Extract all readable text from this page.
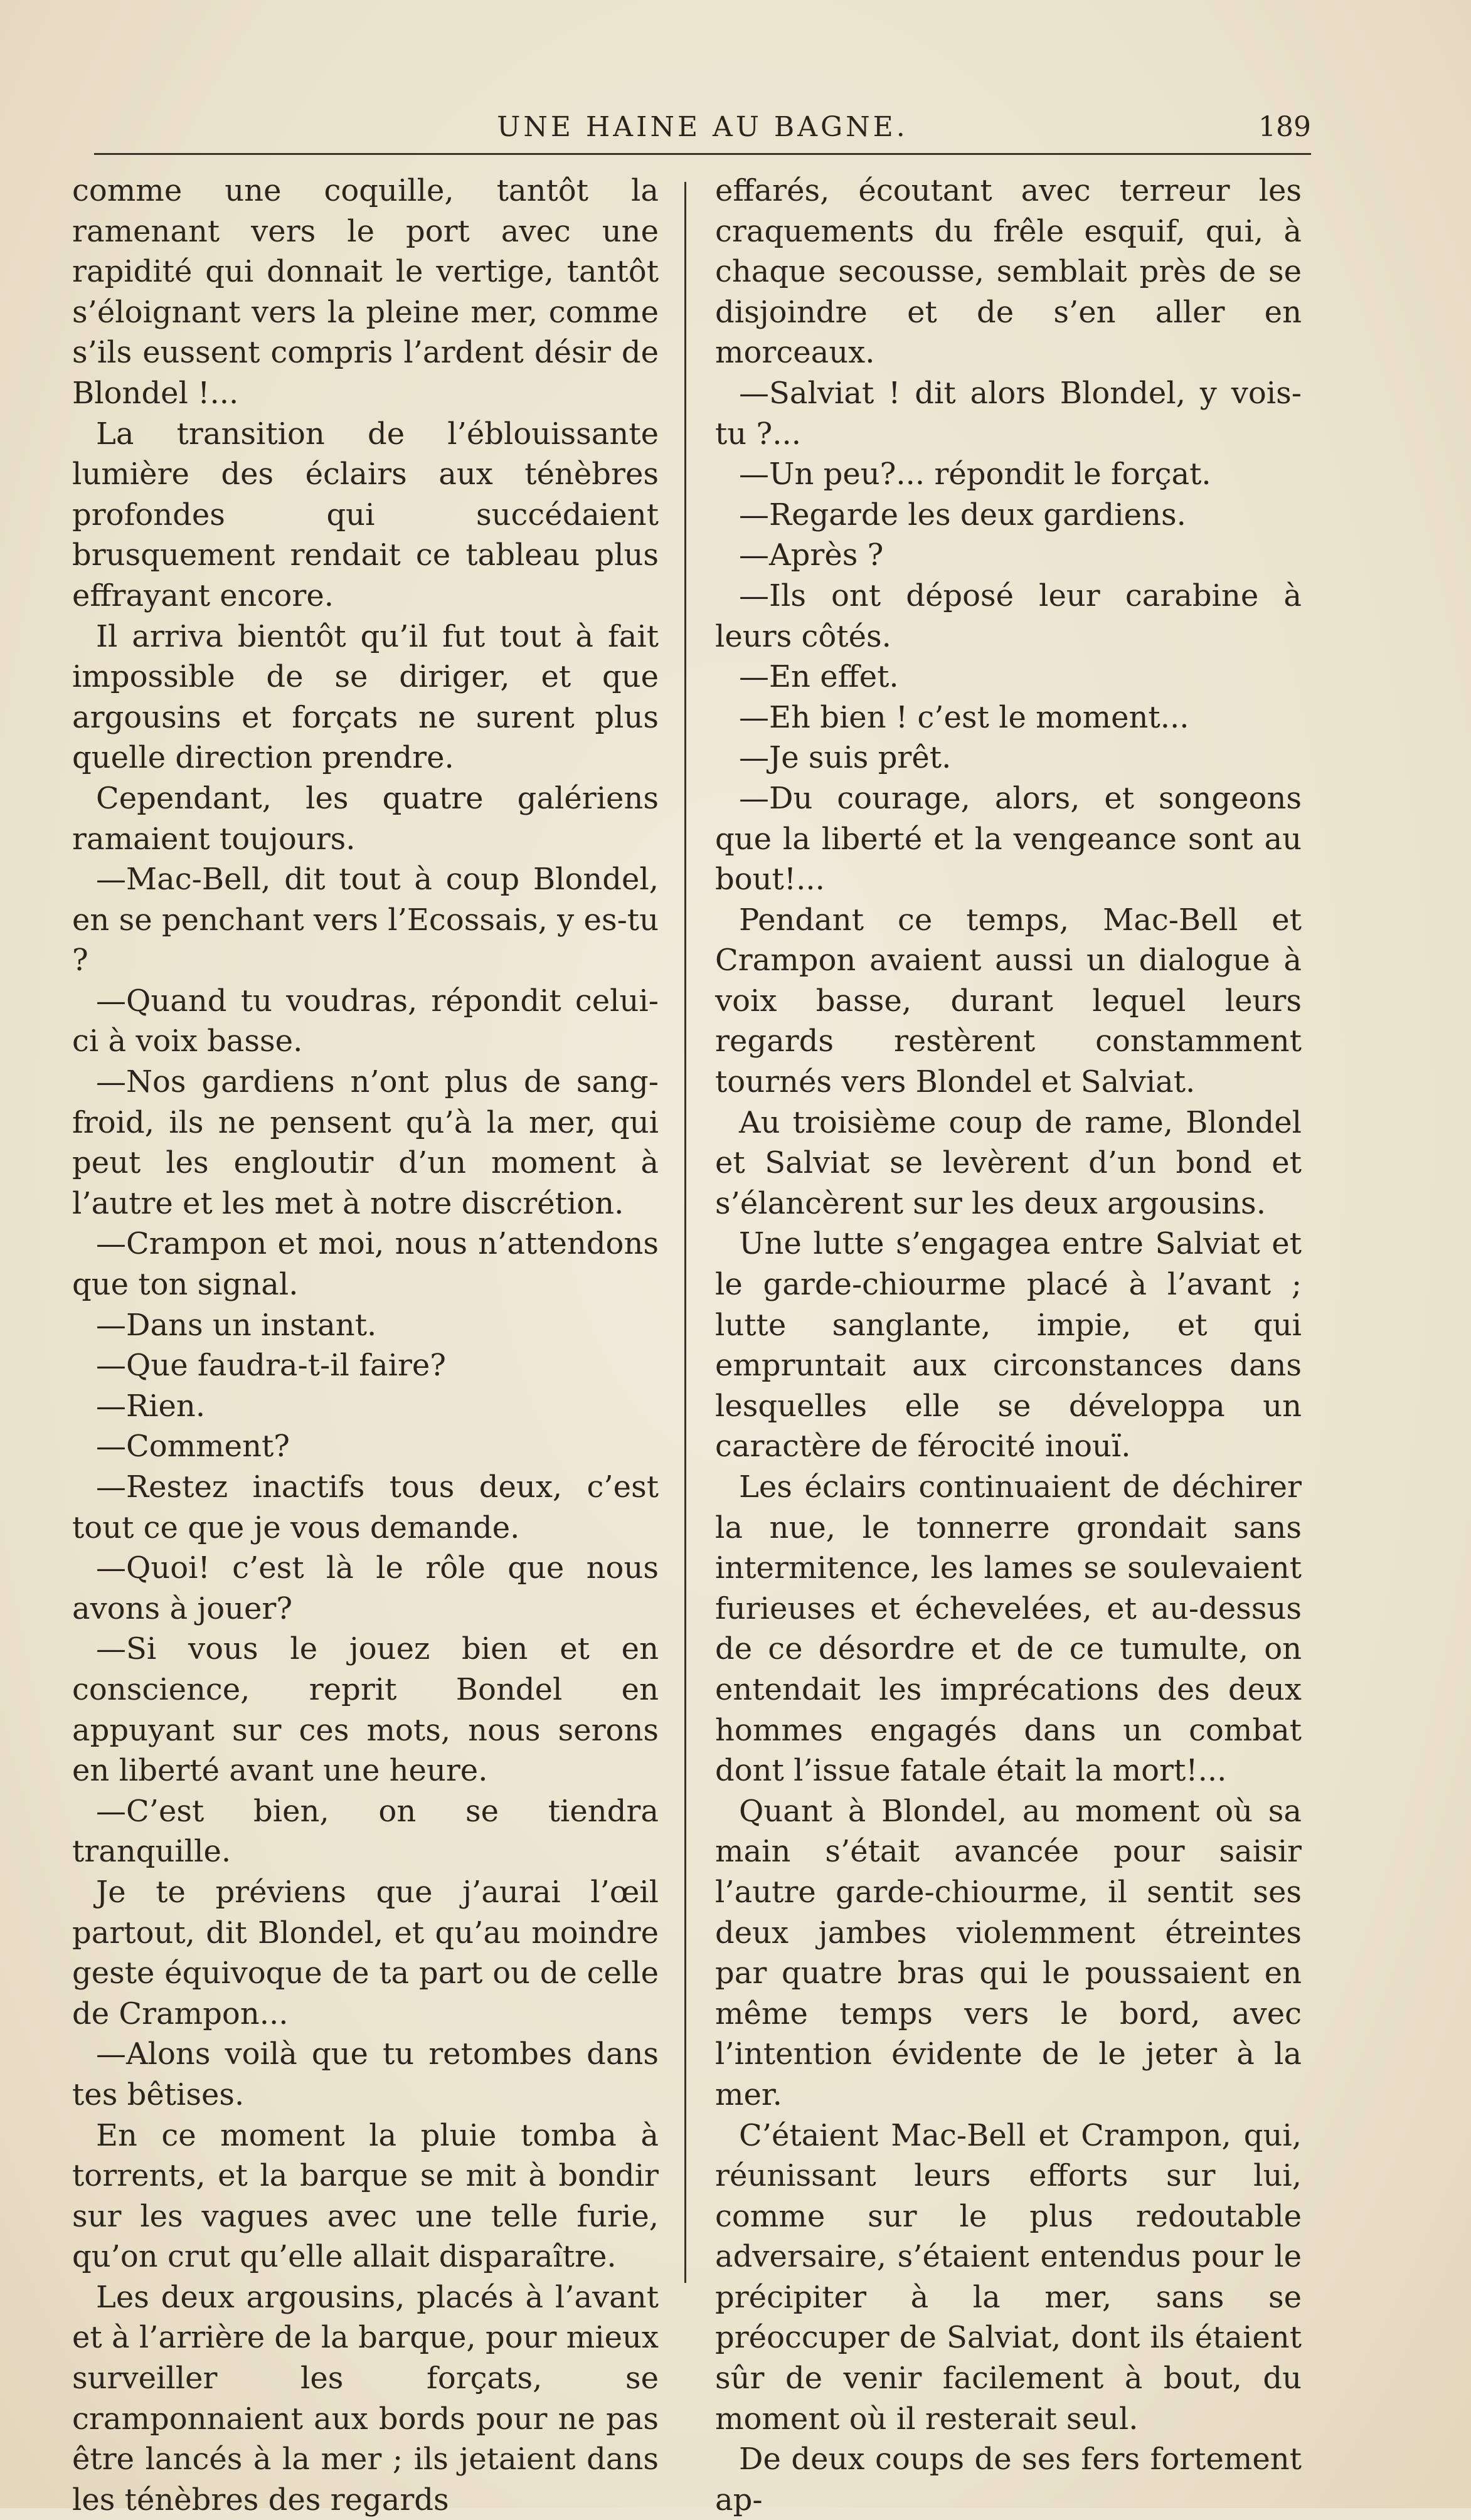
UNE HAINE AU BAGNE.	189

comme une coquille, tantôt la ramenant vers le port avec une rapidité qui donnait le vertige, tantôt s’éloignant vers la pleine mer, comme s’ils eussent compris l’ardent désir de Blondel !...

La transition de l’éblouissante lumière des éclairs aux ténèbres profondes qui succédaient brusquement rendait ce tableau plus effrayant encore.

Il arriva bientôt qu’il fut tout à fait impossible de se diriger, et que argousins et forçats ne surent plus quelle direction prendre.

Cependant, les quatre galériens ramaient toujours.

—Mac-Bell, dit tout à coup Blondel, en se penchant vers l’Ecossais, y es-tu ?

—Quand tu voudras, répondit celui-ci à voix basse.

—Nos gardiens n’ont plus de sang-froid, ils ne pensent qu’à la mer, qui peut les engloutir d’un moment à l’autre et les met à notre discrétion.

—Crampon et moi, nous n’attendons que ton signal.

—Dans un instant.

—Que faudra-t-il faire?

—Rien.

—Comment?

—Restez inactifs tous deux, c’est tout ce que je vous demande.

—Quoi! c’est là le rôle que nous avons à jouer?

—Si vous le jouez bien et en conscience, reprit Bondel en appuyant sur ces mots, nous serons en liberté avant une heure.

—C’est bien, on se tiendra tranquille.

Je te préviens que j’aurai l’œil partout, dit Blondel, et qu’au moindre geste équivoque de ta part ou de celle de Crampon...

—Alons voilà que tu retombes dans tes bêtises.

En ce moment la pluie tomba à torrents, et la barque se mit à bondir sur les vagues avec une telle furie, qu’on crut qu’elle allait disparaître.

Les deux argousins, placés à l’avant et à l’arrière de la barque, pour mieux surveiller les forçats, se cramponnaient aux bords pour ne pas être lancés à la mer ; ils jetaient dans les ténèbres des regards

effarés, écoutant avec terreur les craquements du frêle esquif, qui, à chaque secousse, semblait près de se disjoindre et de s’en aller en morceaux.

—Salviat ! dit alors Blondel, y vois-tu ?...

—Un peu?... répondit le forçat.

—Regarde les deux gardiens.

—Après ?

—Ils ont déposé leur carabine à leurs côtés.

—En effet.

—Eh bien ! c’est le moment...

—Je suis prêt.

—Du courage, alors, et songeons que la liberté et la vengeance sont au bout!...

Pendant ce temps, Mac-Bell et Crampon avaient aussi un dialogue à voix basse, durant lequel leurs regards restèrent constamment tournés vers Blondel et Salviat.

Au troisième coup de rame, Blondel et Salviat se levèrent d’un bond et s’élancèrent sur les deux argousins.

Une lutte s’engagea entre Salviat et le garde-chiourme placé à l’avant ; lutte sanglante, impie, et qui empruntait aux circonstances dans lesquelles elle se développa un caractère de férocité inouï.

Les éclairs continuaient de déchirer la nue, le tonnerre grondait sans intermitence, les lames se soulevaient furieuses et échevelées, et au-dessus de ce désordre et de ce tumulte, on entendait les imprécations des deux hommes engagés dans un combat dont l’issue fatale était la mort!...

Quant à Blondel, au moment où sa main s’était avancée pour saisir l’autre garde-chiourme, il sentit ses deux jambes violemment étreintes par quatre bras qui le poussaient en même temps vers le bord, avec l’intention évidente de le jeter à la mer.

C’étaient Mac-Bell et Crampon, qui, réunissant leurs efforts sur lui, comme sur le plus redoutable adversaire, s’étaient entendus pour le précipiter à la mer, sans se préoccuper de Salviat, dont ils étaient sûr de venir facilement à bout, du moment où il resterait seul.

De deux coups de ses fers fortement ap-
